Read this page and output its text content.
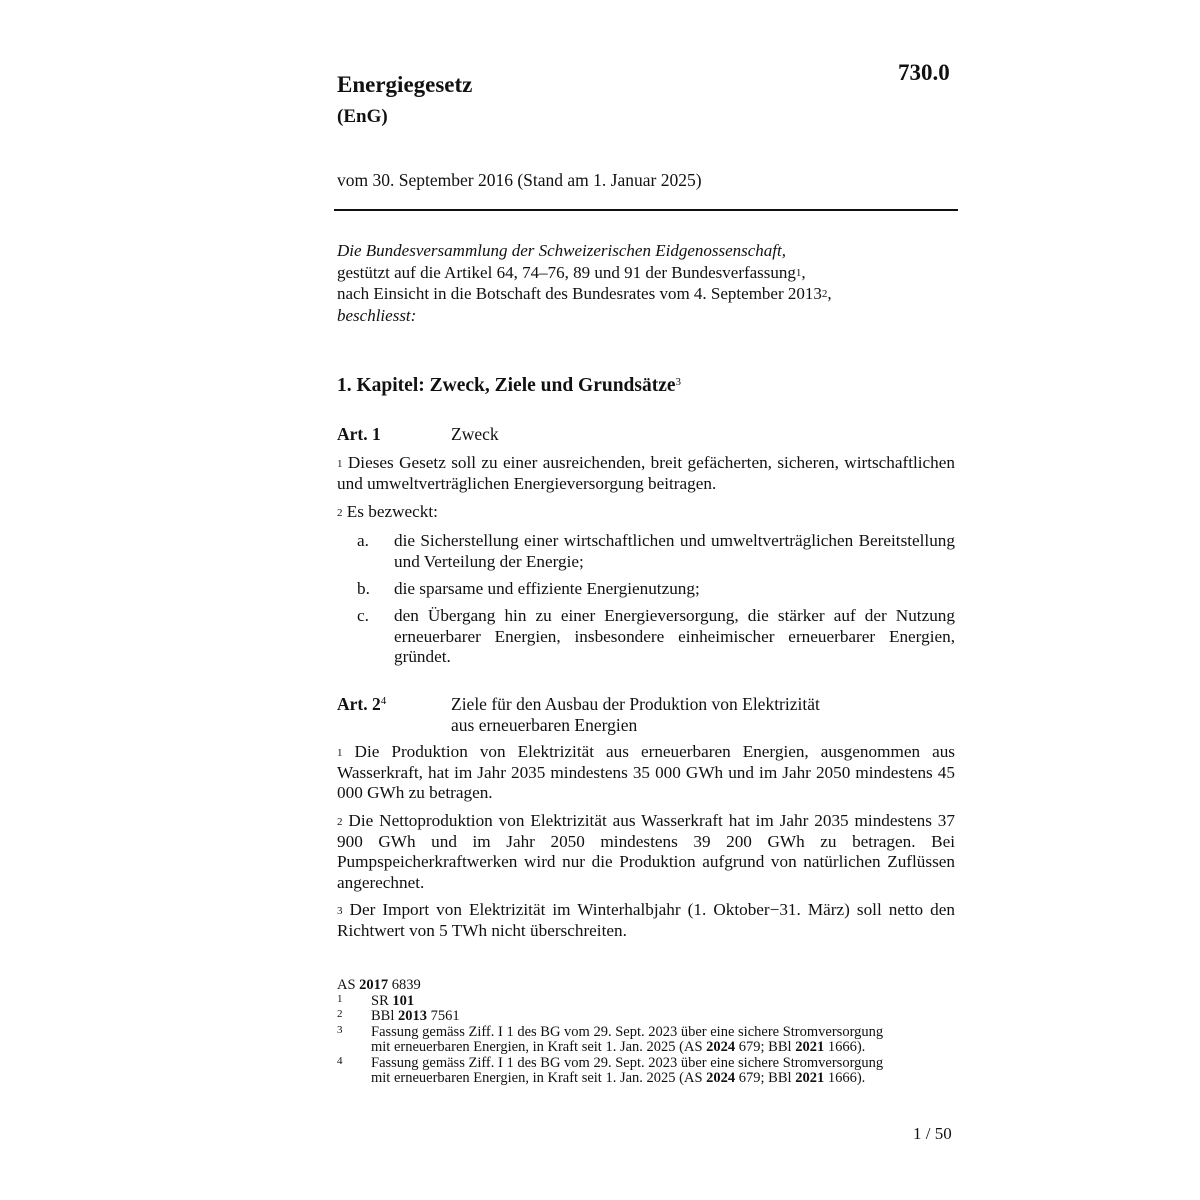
Energiegesetz
(EnG)
730.0
vom 30. September 2016 (Stand am 1. Januar 2025)
Die Bundesversammlung der Schweizerischen Eidgenossenschaft,
gestützt auf die Artikel 64, 74–76, 89 und 91 der Bundesverfassung$^1$,
nach Einsicht in die Botschaft des Bundesrates vom 4. September 2013$^2$,
beschliesst:
1. Kapitel: Zweck, Ziele und Grundsätze$^3$
Art. 1	Zweck
$^1$ Dieses Gesetz soll zu einer ausreichenden, breit gefächerten, sicheren, wirtschaftlichen und umweltverträglichen Energieversorgung beitragen.
$^2$ Es bezweckt:
a. die Sicherstellung einer wirtschaftlichen und umweltverträglichen Bereitstellung und Verteilung der Energie;
b. die sparsame und effiziente Energienutzung;
c. den Übergang hin zu einer Energieversorgung, die stärker auf der Nutzung erneuerbarer Energien, insbesondere einheimischer erneuerbarer Energien, gründet.
Art. 2$^4$	Ziele für den Ausbau der Produktion von Elektrizität
aus erneuerbaren Energien
$^1$ Die Produktion von Elektrizität aus erneuerbaren Energien, ausgenommen aus Wasserkraft, hat im Jahr 2035 mindestens 35 000 GWh und im Jahr 2050 mindestens 45 000 GWh zu betragen.
$^2$ Die Nettoproduktion von Elektrizität aus Wasserkraft hat im Jahr 2035 mindestens 37 900 GWh und im Jahr 2050 mindestens 39 200 GWh zu betragen. Bei Pumpspeicherkraftwerken wird nur die Produktion aufgrund von natürlichen Zuflüssen angerechnet.
$^3$ Der Import von Elektrizität im Winterhalbjahr (1. Oktober−31. März) soll netto den Richtwert von 5 TWh nicht überschreiten.
AS 2017 6839
1 SR 101
2 BBl 2013 7561
3 Fassung gemäss Ziff. I 1 des BG vom 29. Sept. 2023 über eine sichere Stromversorgung
mit erneuerbaren Energien, in Kraft seit 1. Jan. 2025 (AS 2024 679; BBl 2021 1666).
4 Fassung gemäss Ziff. I 1 des BG vom 29. Sept. 2023 über eine sichere Stromversorgung
mit erneuerbaren Energien, in Kraft seit 1. Jan. 2025 (AS 2024 679; BBl 2021 1666).
1 / 50
